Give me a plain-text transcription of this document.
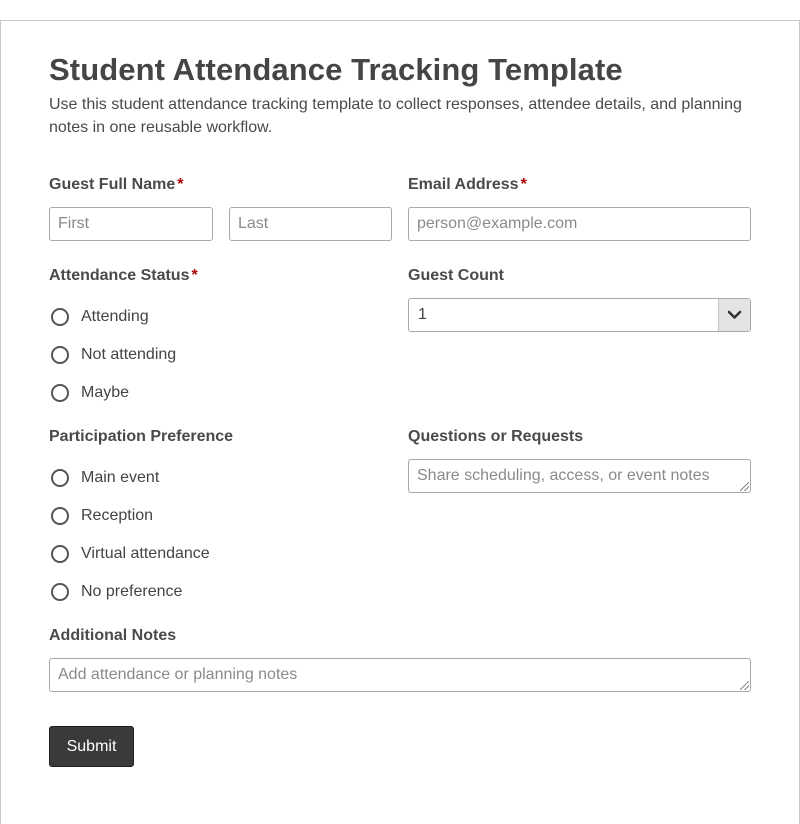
Student Attendance Tracking Template

Use this student attendance tracking template to collect responses, attendee details, and planning notes in one reusable workflow.

Guest Full Name *
First
Last	Email Address *
person@example.com
Attendance Status *
Attending
Not attending
Maybe
Guest Count
1
Participation Preference
Main event
Reception
Virtual attendance
No preference
Questions or Requests
Share scheduling, access, or event notes
Additional Notes
Add attendance or planning notes
Submit
